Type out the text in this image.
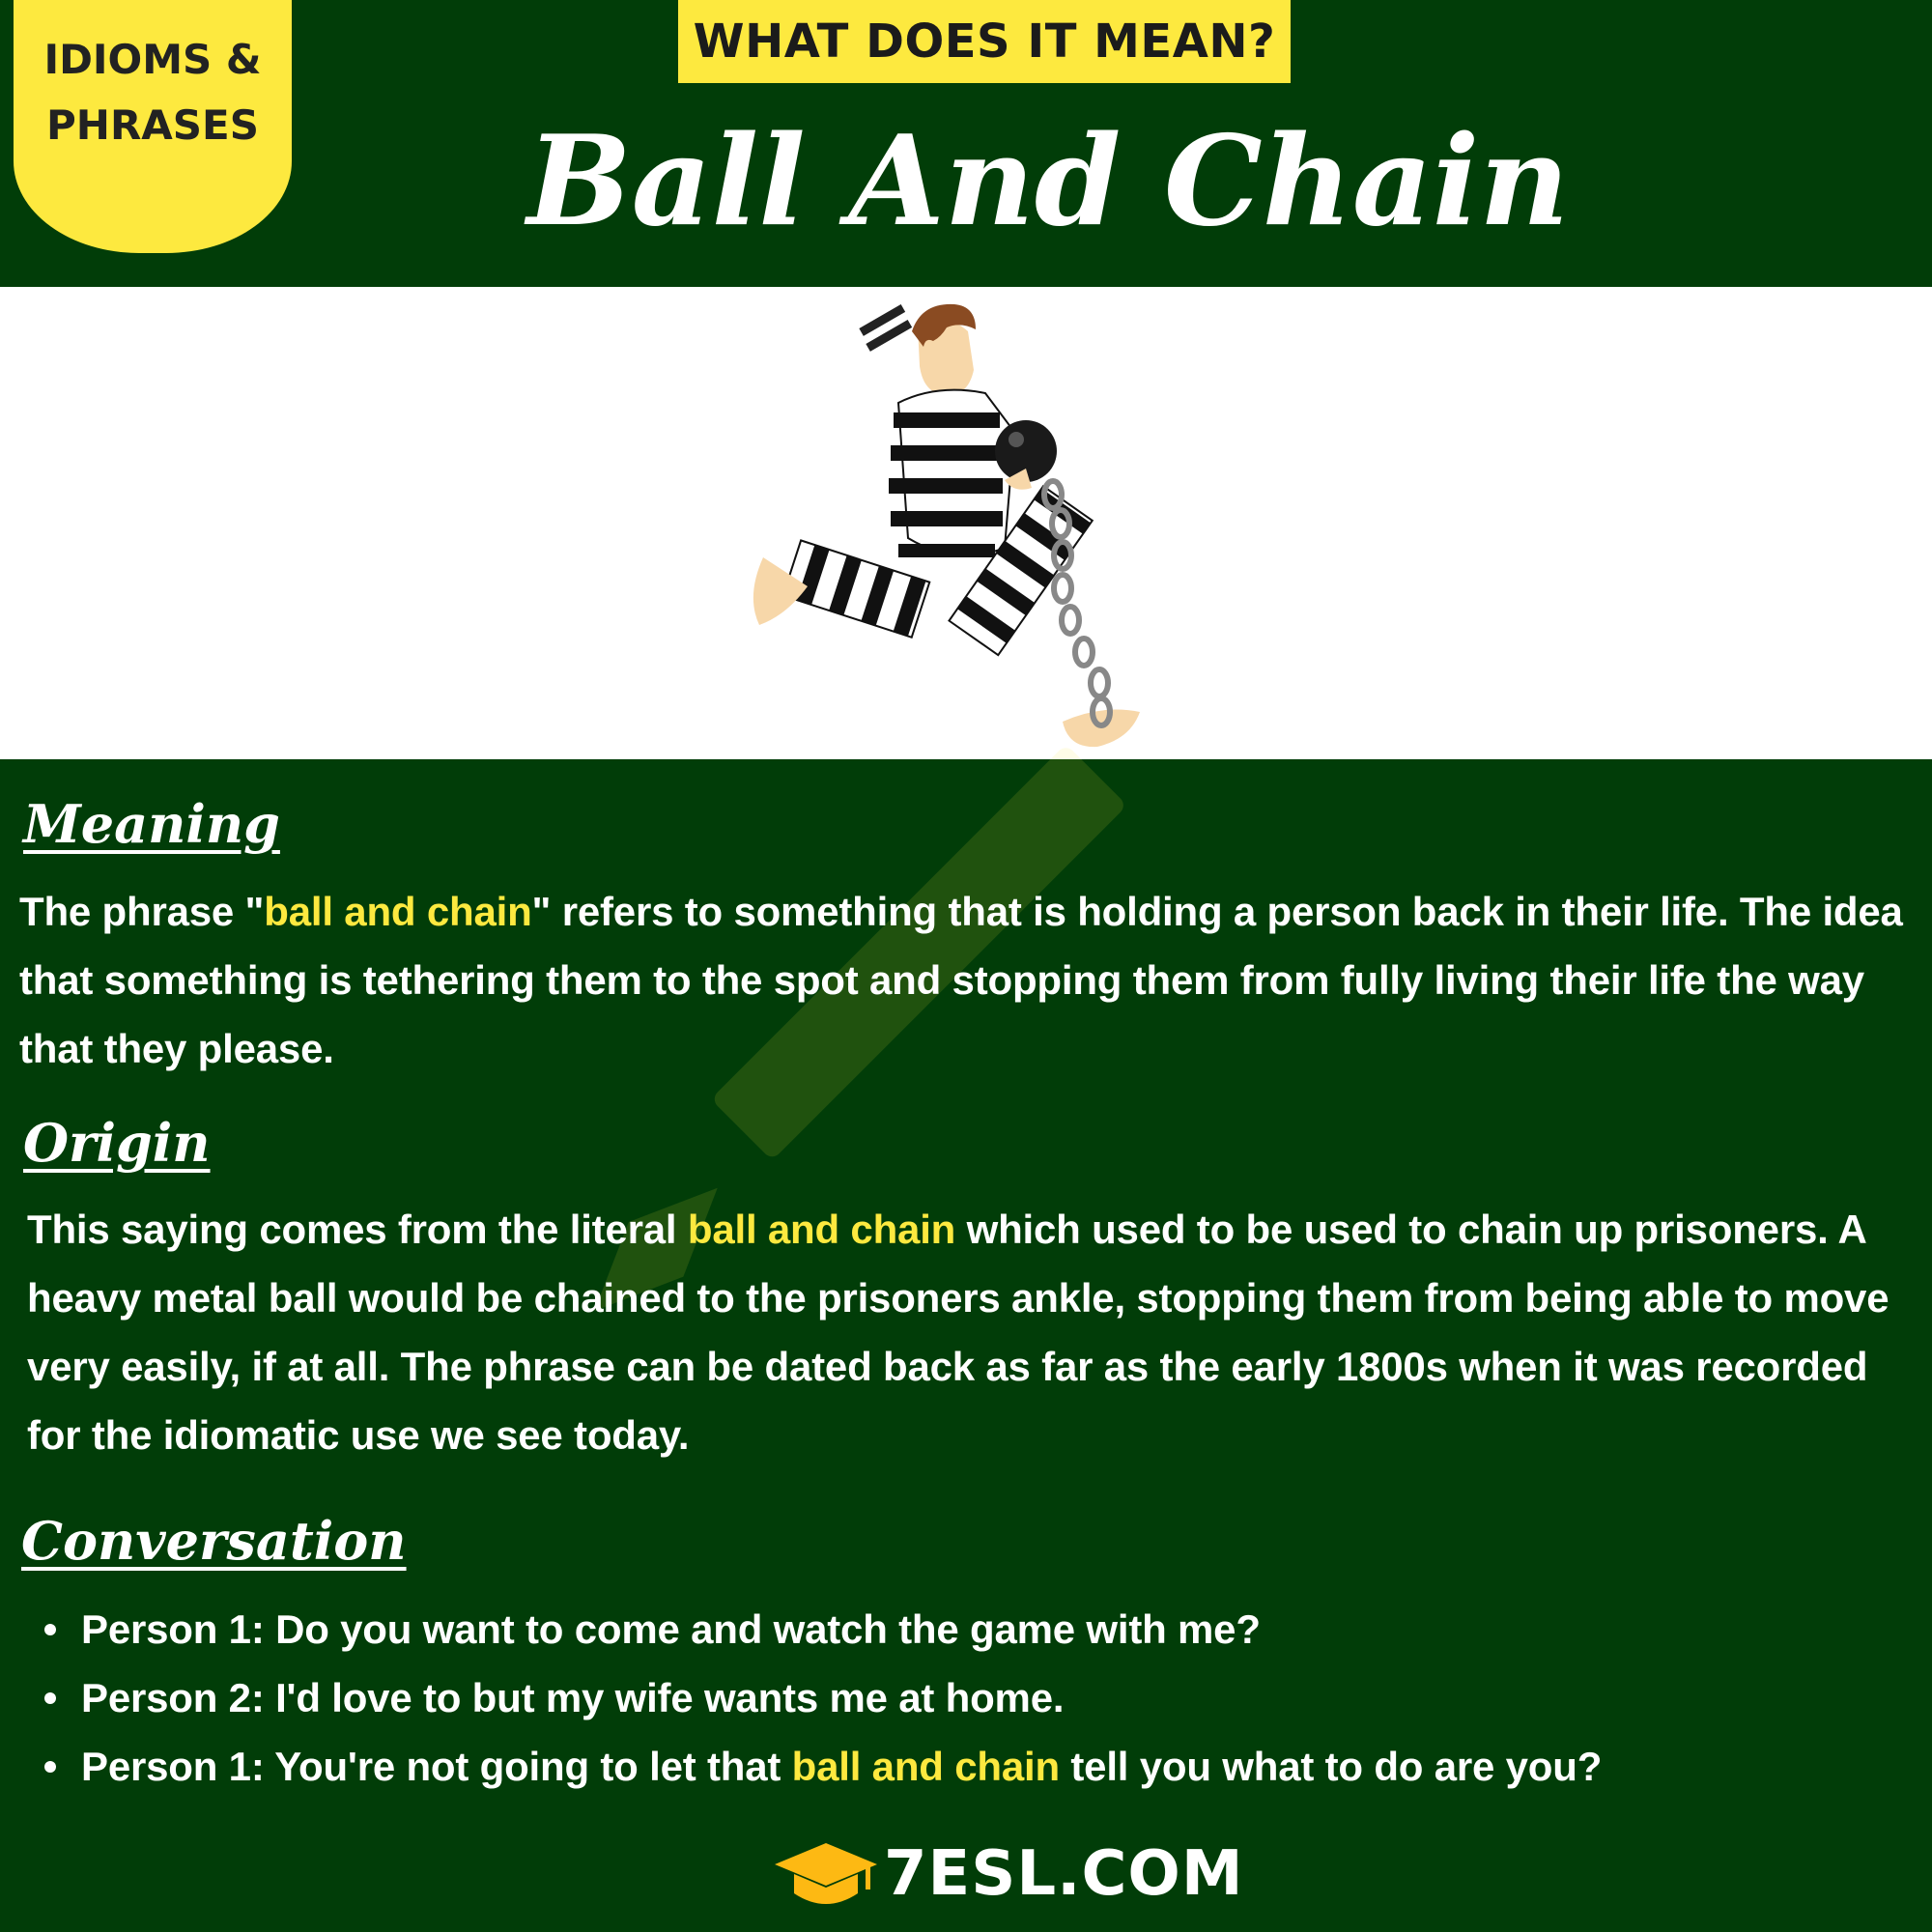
IDIOMS &
PHRASES
WHAT DOES IT MEAN?
Ball And Chain
Meaning
The phrase "ball and chain" refers to something that is holding a person back in their life. The idea that something is tethering them to the spot and stopping them from fully living their life the way that they please.
Origin
This saying comes from the literal ball and chain which used to be used to chain up prisoners. A heavy metal ball would be chained to the prisoners ankle, stopping them from being able to move very easily, if at all. The phrase can be dated back as far as the early 1800s when it was recorded for the idiomatic use we see today.
Conversation
Person 1: Do you want to come and watch the game with me?
Person 2: I'd love to but my wife wants me at home.
Person 1: You're not going to let that ball and chain tell you what to do are you?
7ESL.COM
